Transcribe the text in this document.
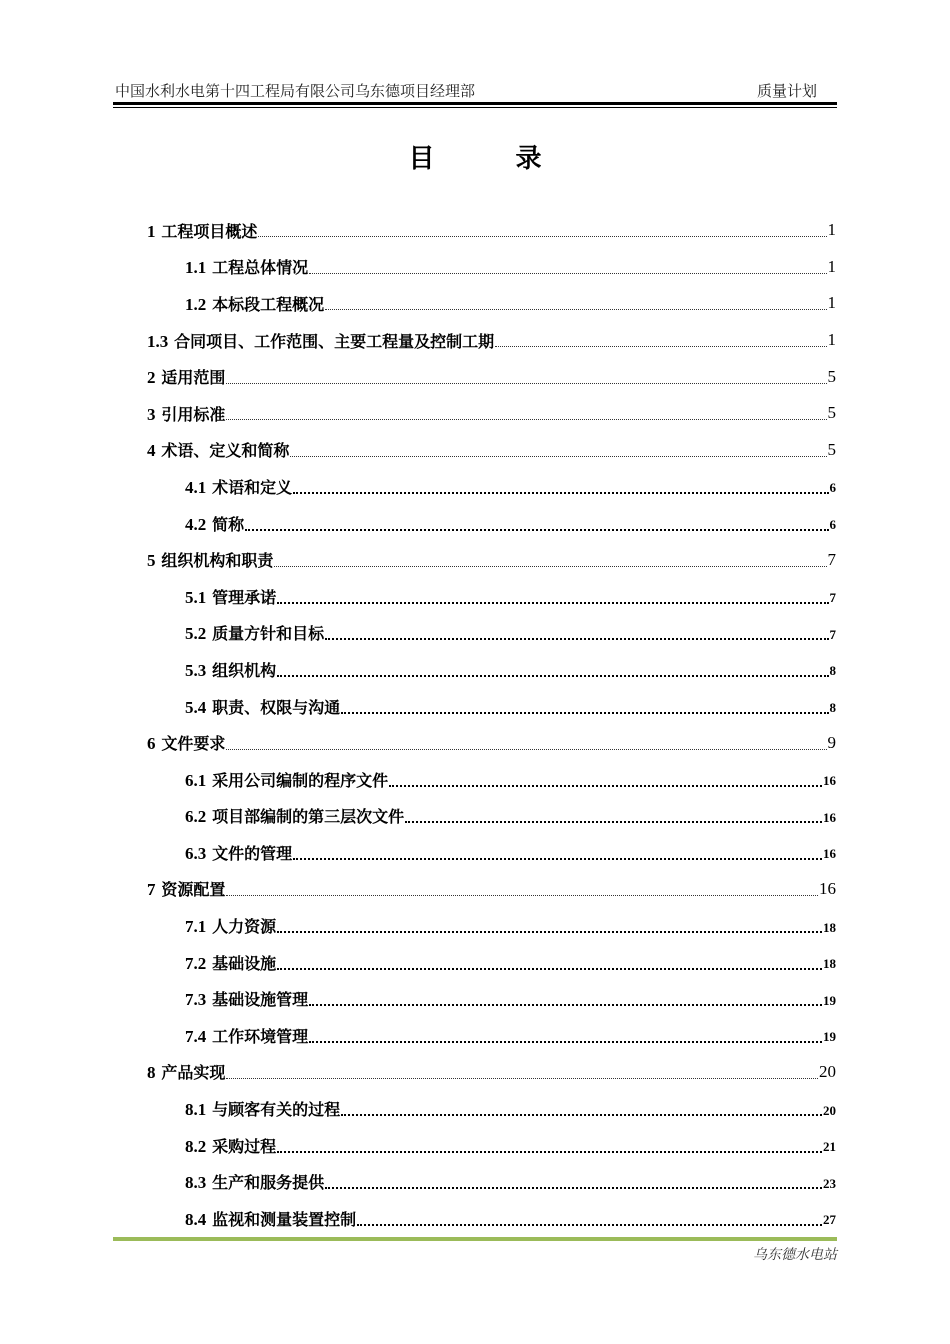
中国水利水电第十四工程局有限公司乌东德项目经理部	质量计划
目 录
1 工程项目概述	1
1.1 工程总体情况	1
1.2 本标段工程概况	1
1.3 合同项目、工作范围、主要工程量及控制工期	1
2 适用范围	5
3 引用标准	5
4 术语、定义和简称	5
4.1 术语和定义	6
4.2 简称	6
5 组织机构和职责	7
5.1 管理承诺	7
5.2 质量方针和目标	7
5.3 组织机构	8
5.4 职责、权限与沟通	8
6 文件要求	9
6.1 采用公司编制的程序文件	16
6.2 项目部编制的第三层次文件	16
6.3 文件的管理	16
7 资源配置	16
7.1 人力资源	18
7.2 基础设施	18
7.3 基础设施管理	19
7.4 工作环境管理	19
8 产品实现	20
8.1 与顾客有关的过程	20
8.2 采购过程	21
8.3 生产和服务提供	23
8.4 监视和测量装置控制	27
乌东德水电站
